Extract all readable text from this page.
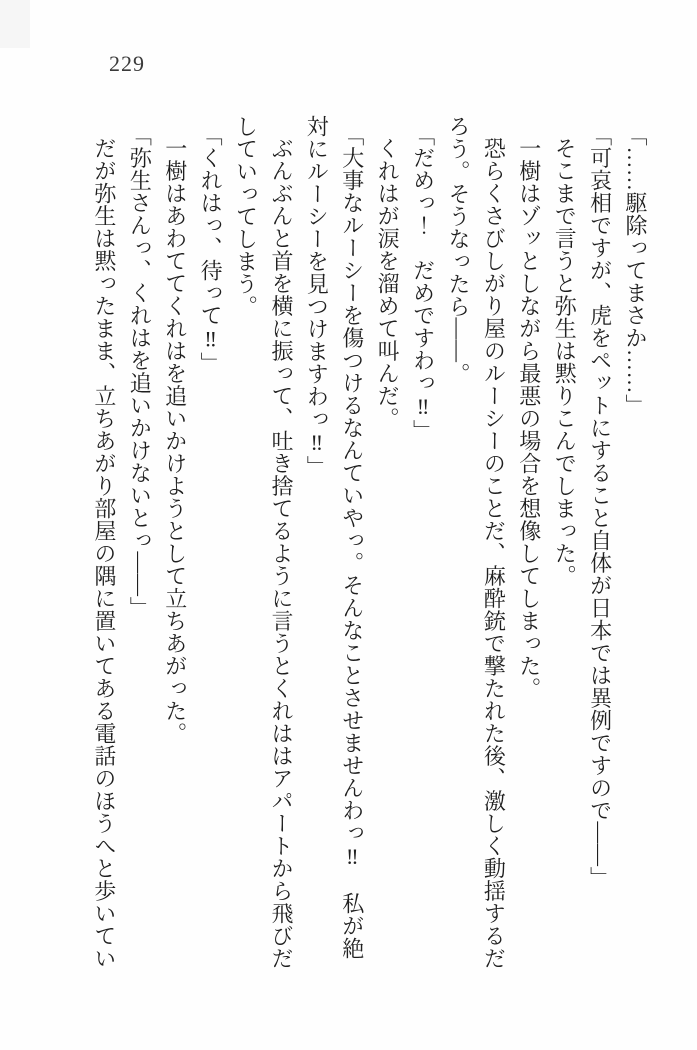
229

「……駆除ってまさか……」

「可哀相ですが、虎をペットにすること自体が日本では異例ですので――」

そこまで言うと弥生は黙りこんでしまった。

一樹はゾッとしながら最悪の場合を想像してしまった。

恐らくさびしがり屋のルーシーのことだ、麻酔銃で撃たれた後、激しく動揺するだろう。そうなったら――。

「だめっ！　だめですわっ‼」

くれはが涙を溜めて叫んだ。

「大事なルーシーを傷つけるなんていやっ。そんなことさせませんわっ‼　私が絶対にルーシーを見つけますわっ‼」

ぶんぶんと首を横に振って、吐き捨てるように言うとくれははアパートから飛びだしていってしまう。

「くれはっ、待って‼」

一樹はあわててくれはを追いかけようとして立ちあがった。

「弥生さんっ、くれはを追いかけないとっ――」

だが弥生は黙ったまま、立ちあがり部屋の隅に置いてある電話のほうへと歩いてい
